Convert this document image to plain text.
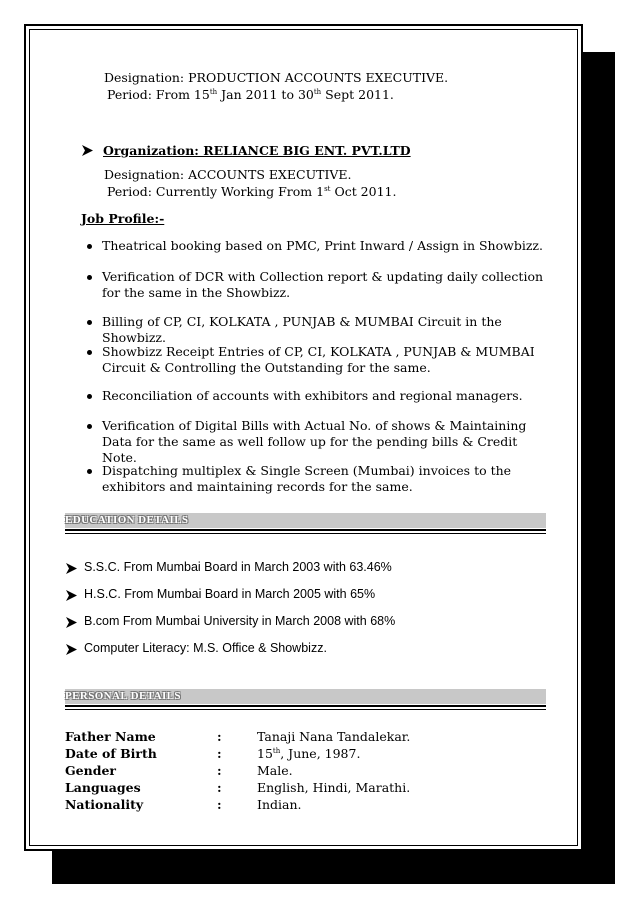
Designation: PRODUCTION ACCOUNTS EXECUTIVE.
Period: From 15th Jan 2011 to 30th Sept 2011.
Organization: RELIANCE BIG ENT. PVT.LTD
Designation: ACCOUNTS EXECUTIVE.
Period: Currently Working From 1st Oct 2011.
Job Profile:-
Theatrical booking based on PMC, Print Inward / Assign in Showbizz.
Verification of DCR with Collection report & updating daily collection for the same in the Showbizz.
Billing of CP, CI, KOLKATA , PUNJAB & MUMBAI Circuit in the Showbizz.
Showbizz Receipt Entries of CP, CI, KOLKATA , PUNJAB & MUMBAI Circuit & Controlling the Outstanding for the same.
Reconciliation of accounts with exhibitors and regional managers.
Verification of Digital Bills with Actual No. of shows & Maintaining Data for the same as well follow up for the pending bills & Credit Note.
Dispatching multiplex & Single Screen (Mumbai) invoices to the exhibitors and maintaining records for the same.
EDUCATION DETAILS
S.S.C. From Mumbai Board in March 2003 with 63.46%
H.S.C. From Mumbai Board in March 2005 with 65%
B.com From Mumbai University in March 2008 with 68%
Computer Literacy: M.S. Office & Showbizz.
PERSONAL DETAILS
Father Name	:	Tanaji Nana Tandalekar.
Date of Birth	:	15th, June, 1987.
Gender	:	Male.
Languages	:	English, Hindi, Marathi.
Nationality	:	Indian.
